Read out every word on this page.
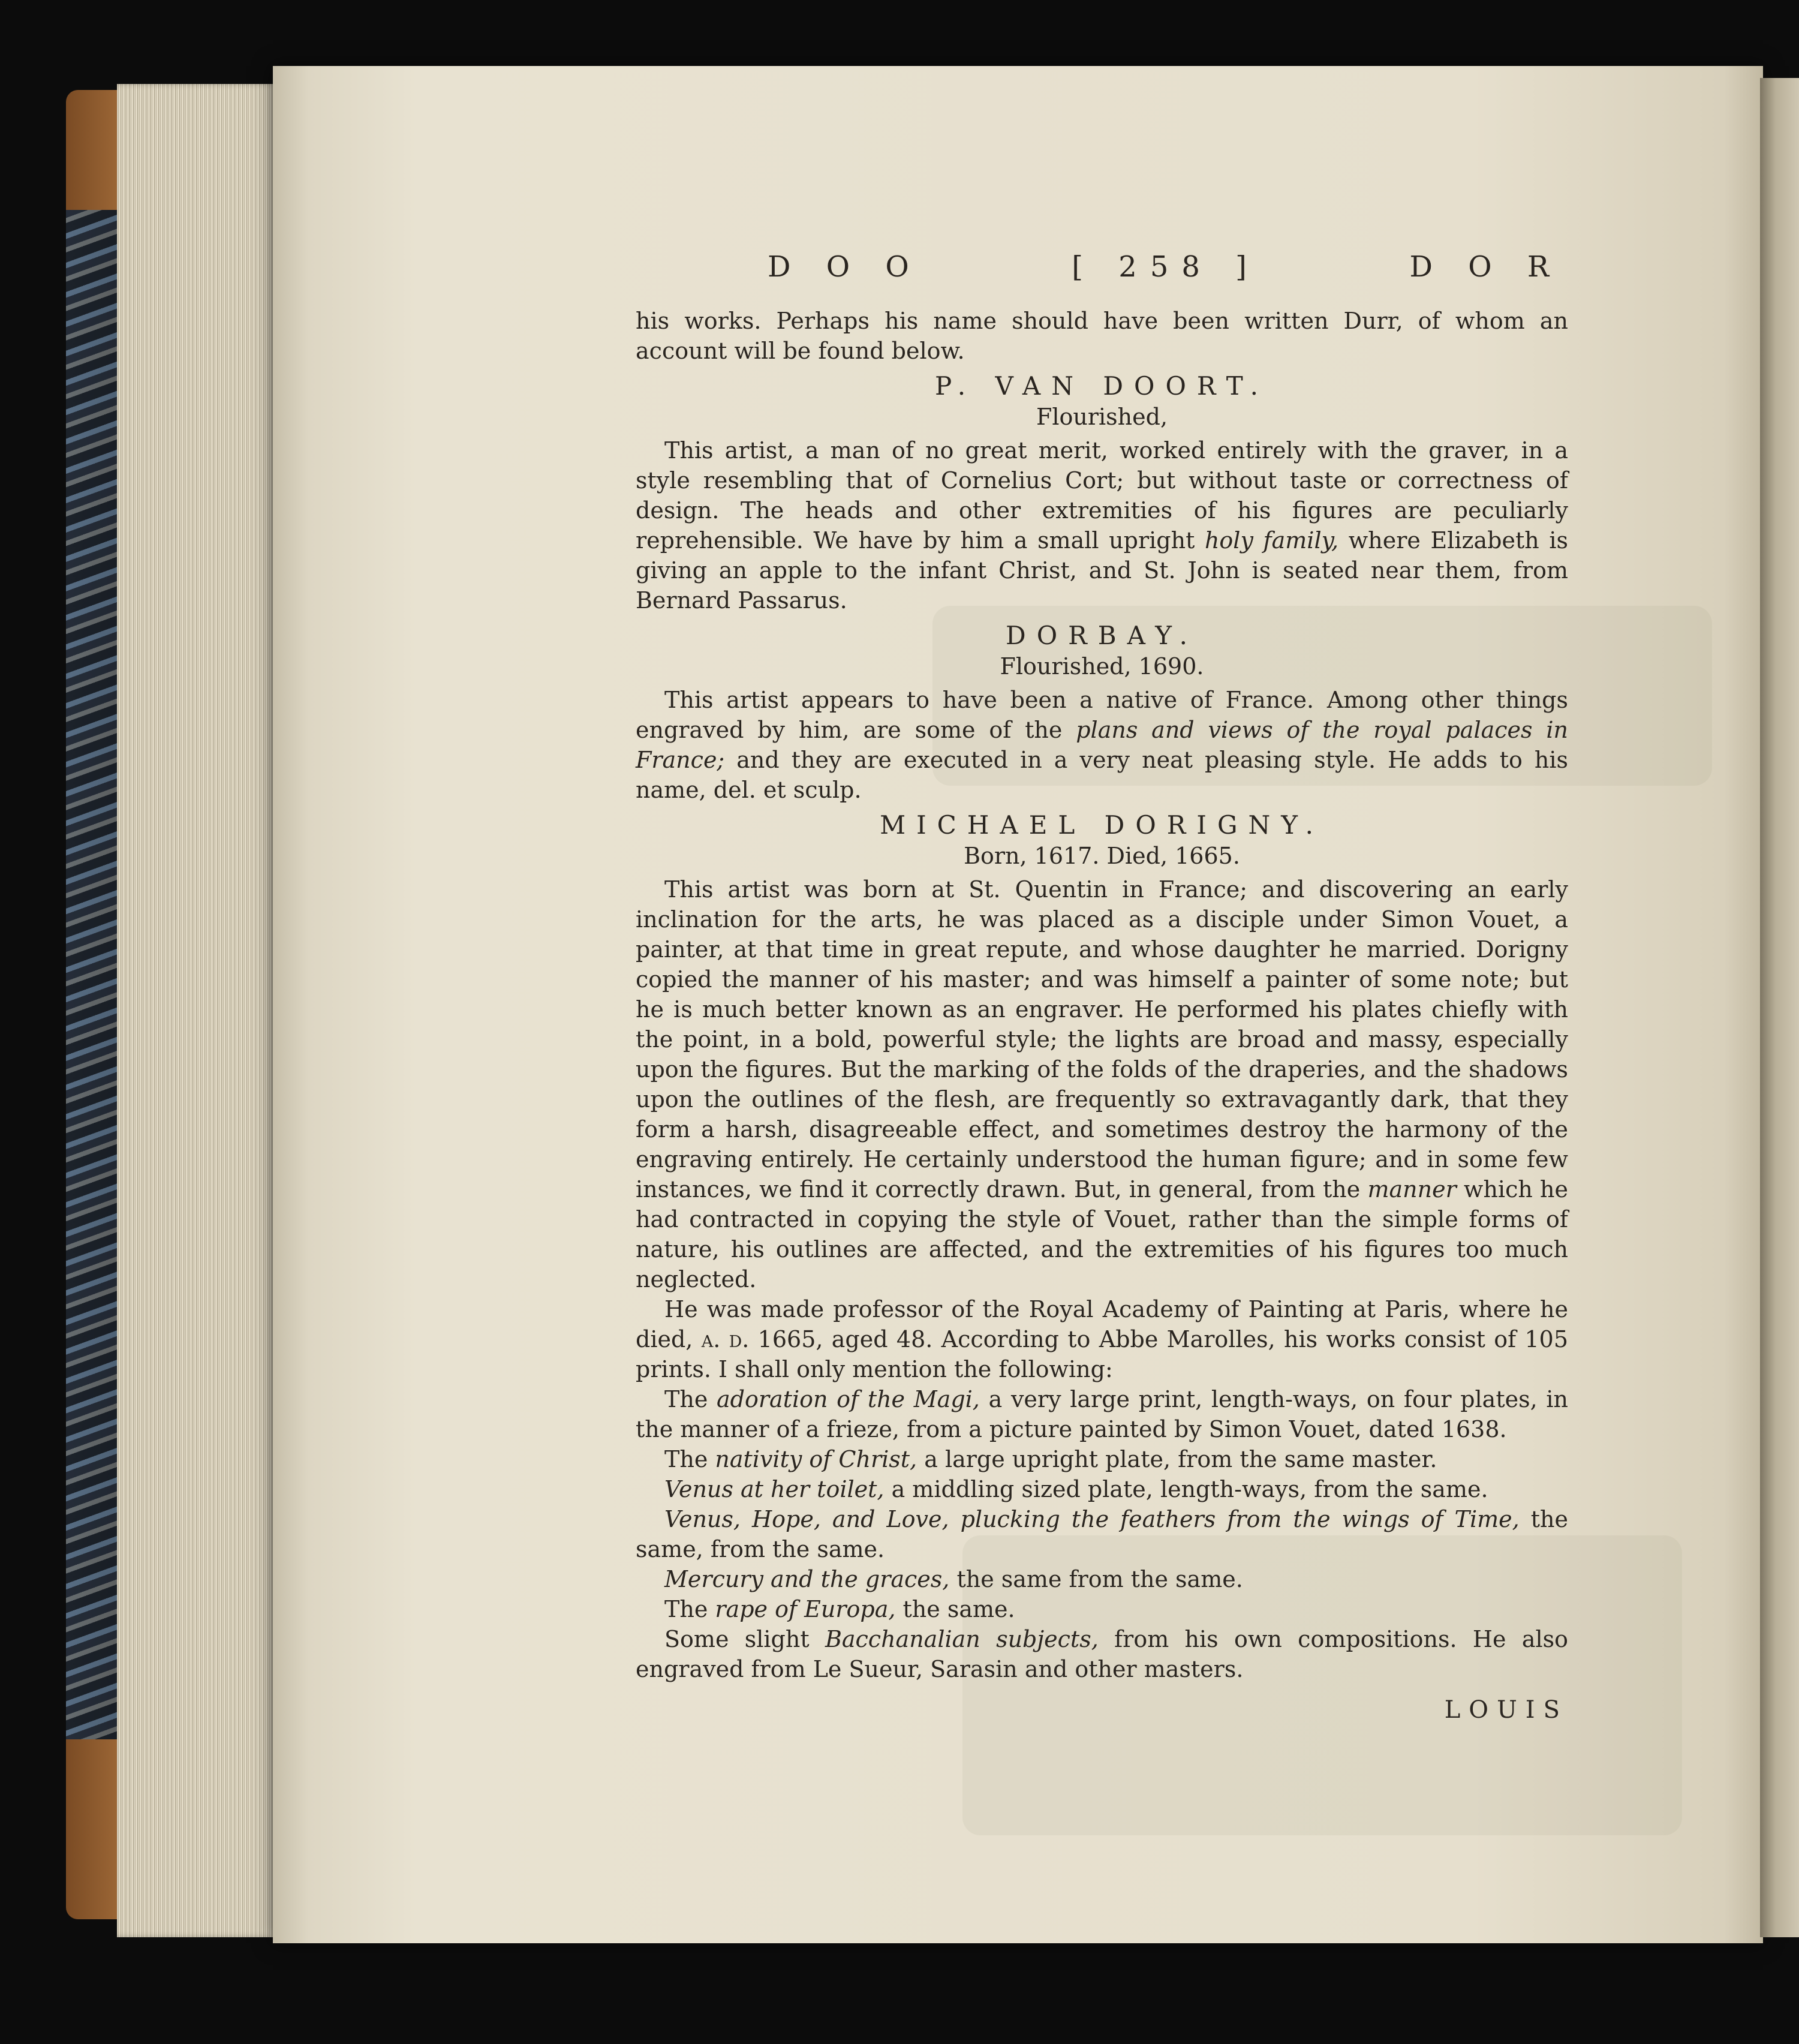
D O O	[ 258 ]	D O R

his works. Perhaps his name should have been written Durr, of whom an account will be found below.

P. VAN DOORT.
Flourished,

This artist, a man of no great merit, worked entirely with the graver, in a style resembling that of Cornelius Cort; but without taste or correctness of design. The heads and other extremities of his figures are peculiarly reprehensible. We have by him a small upright holy family, where Elizabeth is giving an apple to the infant Christ, and St. John is seated near them, from Bernard Passarus.

DORBAY.
Flourished, 1690.

This artist appears to have been a native of France. Among other things engraved by him, are some of the plans and views of the royal palaces in France; and they are executed in a very neat pleasing style. He adds to his name, del. et sculp.

MICHAEL DORIGNY.
Born, 1617. Died, 1665.

This artist was born at St. Quentin in France; and discovering an early inclination for the arts, he was placed as a disciple under Simon Vouet, a painter, at that time in great repute, and whose daughter he married. Dorigny copied the manner of his master; and was himself a painter of some note; but he is much better known as an engraver. He performed his plates chiefly with the point, in a bold, powerful style; the lights are broad and massy, especially upon the figures. But the marking of the folds of the draperies, and the shadows upon the outlines of the flesh, are frequently so extravagantly dark, that they form a harsh, disagreeable effect, and sometimes destroy the harmony of the engraving entirely. He certainly understood the human figure; and in some few instances, we find it correctly drawn. But, in general, from the manner which he had contracted in copying the style of Vouet, rather than the simple forms of nature, his outlines are affected, and the extremities of his figures too much neglected.

He was made professor of the Royal Academy of Painting at Paris, where he died, a. d. 1665, aged 48. According to Abbe Marolles, his works consist of 105 prints. I shall only mention the following:

The adoration of the Magi, a very large print, length-ways, on four plates, in the manner of a frieze, from a picture painted by Simon Vouet, dated 1638.

The nativity of Christ, a large upright plate, from the same master.

Venus at her toilet, a middling sized plate, length-ways, from the same.

Venus, Hope, and Love, plucking the feathers from the wings of Time, the same, from the same.

Mercury and the graces, the same from the same.

The rape of Europa, the same.

Some slight Bacchanalian subjects, from his own compositions. He also engraved from Le Sueur, Sarasin and other masters.

LOUIS
